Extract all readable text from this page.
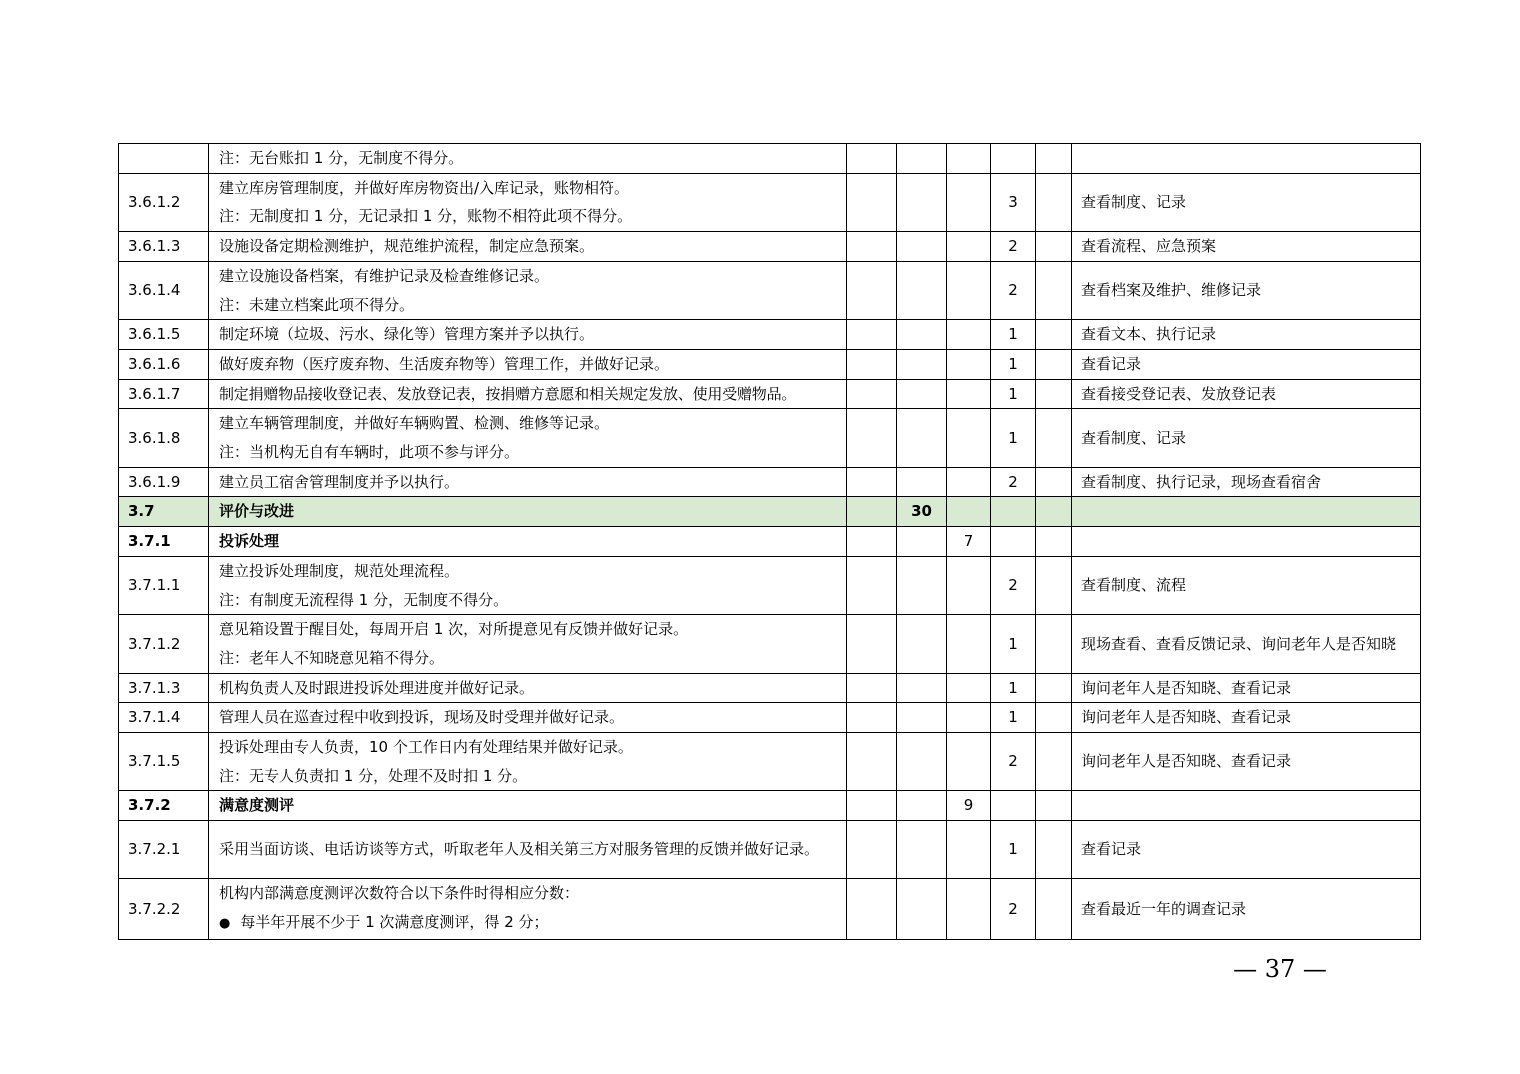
	注：无台账扣 1 分，无制度不得分。						

3.6.1.2	建立库房管理制度，并做好库房物资出/入库记录，账物相符。
注：无制度扣 1 分，无记录扣 1 分，账物不相符此项不得分。				3		查看制度、记录
3.6.1.3	设施设备定期检测维护，规范维护流程，制定应急预案。				2		查看流程、应急预案
3.6.1.4	建立设施设备档案，有维护记录及检查维修记录。
注：未建立档案此项不得分。				2		查看档案及维护、维修记录
3.6.1.5	制定环境（垃圾、污水、绿化等）管理方案并予以执行。				1		查看文本、执行记录
3.6.1.6	做好废弃物（医疗废弃物、生活废弃物等）管理工作，并做好记录。				1		查看记录
3.6.1.7	制定捐赠物品接收登记表、发放登记表，按捐赠方意愿和相关规定发放、使用受赠物品。				1		查看接受登记表、发放登记表
3.6.1.8	建立车辆管理制度，并做好车辆购置、检测、维修等记录。
注：当机构无自有车辆时，此项不参与评分。				1		查看制度、记录
3.6.1.9	建立员工宿舍管理制度并予以执行。				2		查看制度、执行记录，现场查看宿舍
3.7	评价与改进		30				
3.7.1	投诉处理			7			
3.7.1.1	建立投诉处理制度，规范处理流程。
注：有制度无流程得 1 分，无制度不得分。				2		查看制度、流程
3.7.1.2	意见箱设置于醒目处，每周开启 1 次，对所提意见有反馈并做好记录。
注：老年人不知晓意见箱不得分。				1		现场查看、查看反馈记录、询问老年人是否知晓
3.7.1.3	机构负责人及时跟进投诉处理进度并做好记录。				1		询问老年人是否知晓、查看记录
3.7.1.4	管理人员在巡查过程中收到投诉，现场及时受理并做好记录。				1		询问老年人是否知晓、查看记录
3.7.1.5	投诉处理由专人负责，10 个工作日内有处理结果并做好记录。
注：无专人负责扣 1 分，处理不及时扣 1 分。				2		询问老年人是否知晓、查看记录
3.7.2	满意度测评			9			
3.7.2.1	采用当面访谈、电话访谈等方式，听取老年人及相关第三方对服务管理的反馈并做好记录。				1		查看记录
3.7.2.2	机构内部满意度测评次数符合以下条件时得相应分数：
● 每半年开展不少于 1 次满意度测评，得 2 分；				2		查看最近一年的调查记录
— 37 —
